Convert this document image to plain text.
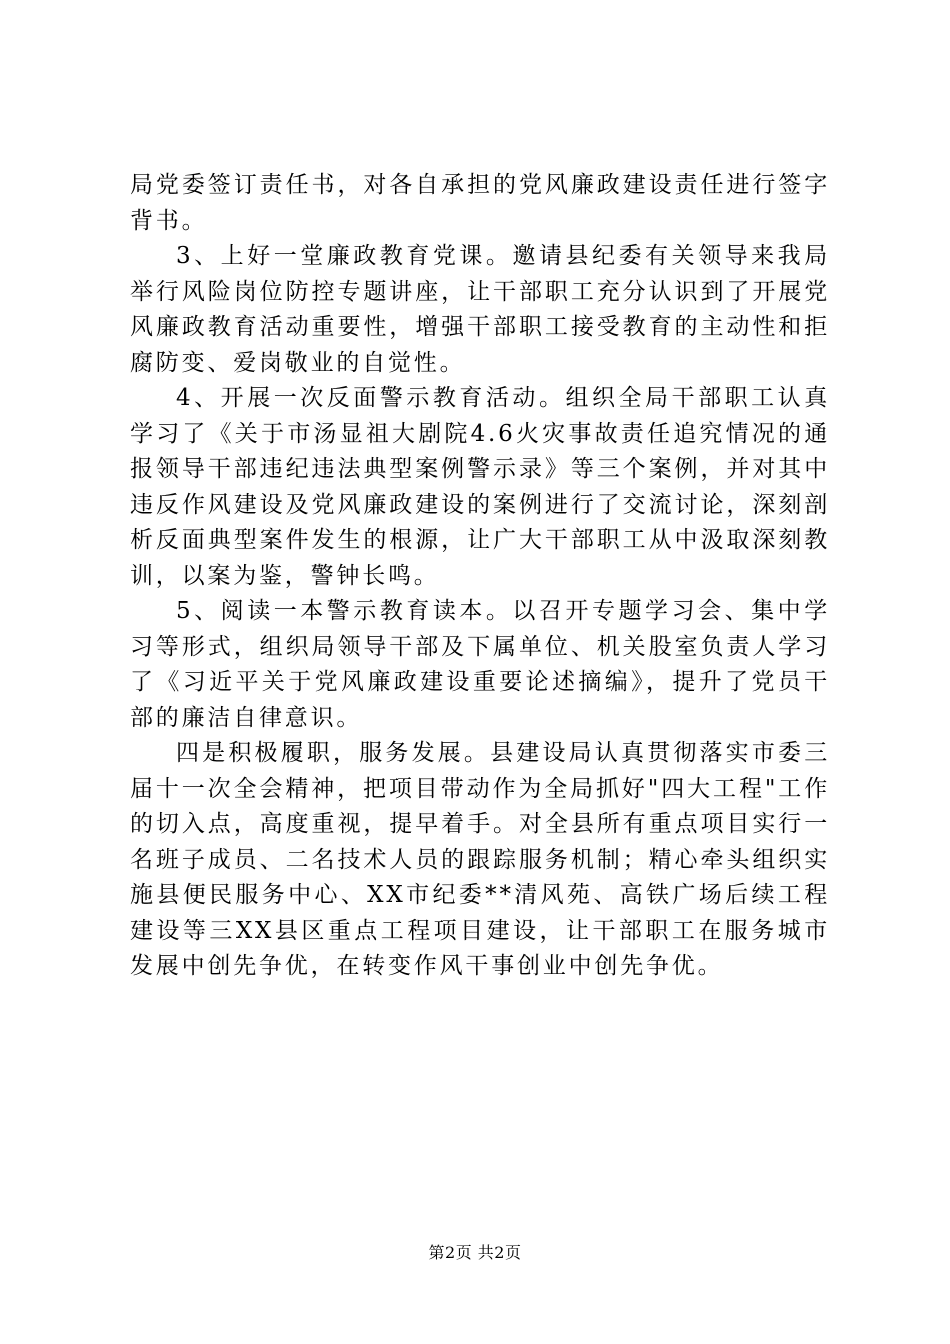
局党委签订责任书，对各自承担的党风廉政建设责任进行签字背书。

3、上好一堂廉政教育党课。邀请县纪委有关领导来我局举行风险岗位防控专题讲座，让干部职工充分认识到了开展党风廉政教育活动重要性，增强干部职工接受教育的主动性和拒腐防变、爱岗敬业的自觉性。

4、开展一次反面警示教育活动。组织全局干部职工认真学习了《关于市汤显祖大剧院4.6火灾事故责任追究情况的通报领导干部违纪违法典型案例警示录》等三个案例，并对其中违反作风建设及党风廉政建设的案例进行了交流讨论，深刻剖析反面典型案件发生的根源，让广大干部职工从中汲取深刻教训，以案为鉴，警钟长鸣。

5、阅读一本警示教育读本。以召开专题学习会、集中学习等形式，组织局领导干部及下属单位、机关股室负责人学习了《习近平关于党风廉政建设重要论述摘编》，提升了党员干部的廉洁自律意识。

四是积极履职，服务发展。县建设局认真贯彻落实市委三届十一次全会精神，把项目带动作为全局抓好"四大工程"工作的切入点，高度重视，提早着手。对全县所有重点项目实行一名班子成员、二名技术人员的跟踪服务机制；精心牵头组织实施县便民服务中心、XX市纪委**清风苑、高铁广场后续工程建设等三XX县区重点工程项目建设，让干部职工在服务城市发展中创先争优，在转变作风干事创业中创先争优。

第2页 共2页
